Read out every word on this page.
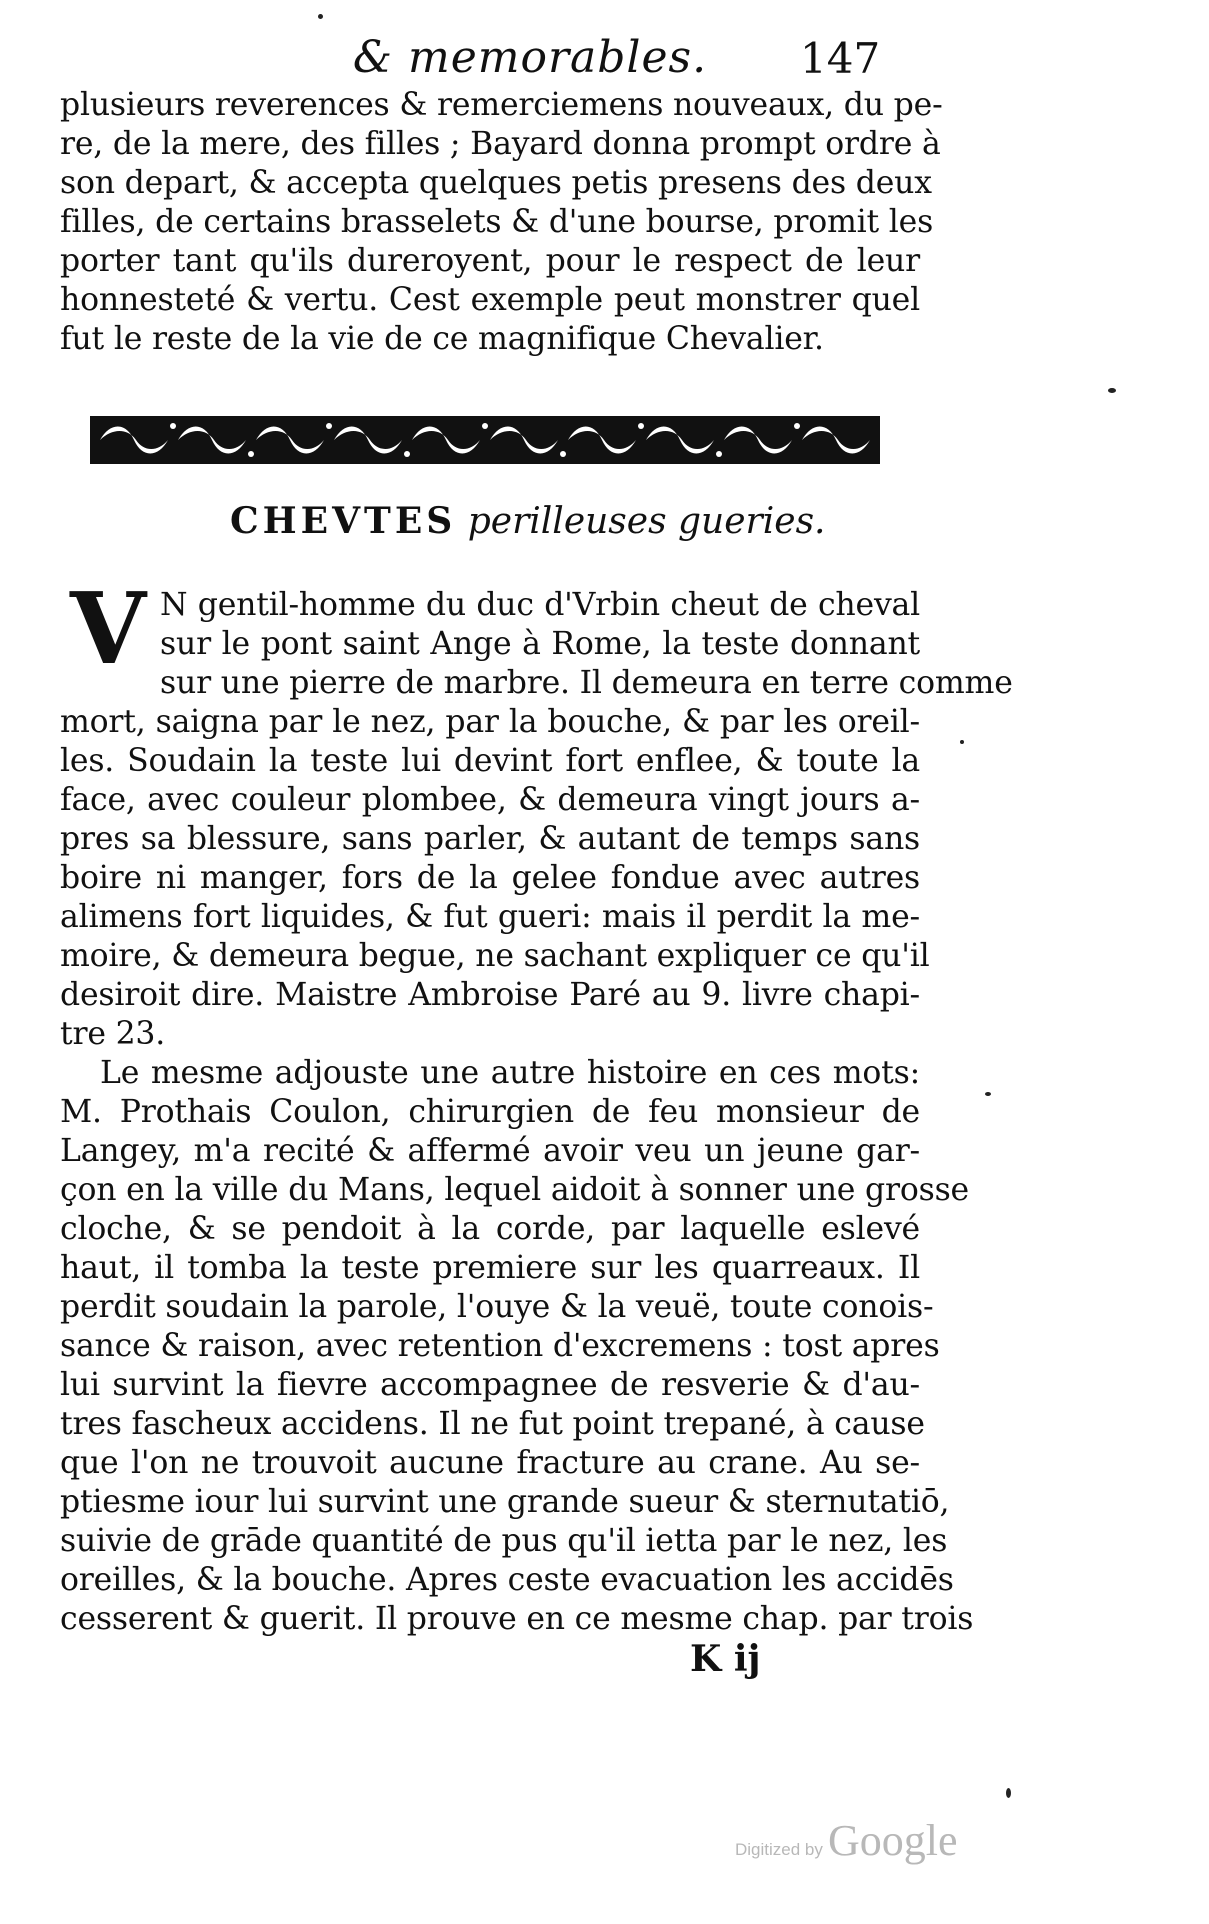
& memorables.	147
plusieurs reverences & remerciemens nouveaux, du pe-
re, de la mere, des filles ; Bayard donna prompt ordre à
son depart, & accepta quelques petis presens des deux
filles, de certains brasselets & d'une bourse, promit les
porter tant qu'ils dureroyent, pour le respect de leur
honnesteté & vertu. Cest exemple peut monstrer quel
fut le reste de la vie de ce magnifique Chevalier.
CHEVTES perilleuses gueries.
V N gentil-homme du duc d'Vrbin cheut de cheval
sur le pont saint Ange à Rome, la teste donnant
sur une pierre de marbre. Il demeura en terre comme
mort, saigna par le nez, par la bouche, & par les oreil-
les. Soudain la teste lui devint fort enflee, & toute la
face, avec couleur plombee, & demeura vingt jours a-
pres sa blessure, sans parler, & autant de temps sans
boire ni manger, fors de la gelee fondue avec autres
alimens fort liquides, & fut gueri: mais il perdit la me-
moire, & demeura begue, ne sachant expliquer ce qu'il
desiroit dire. Maistre Ambroise Paré au 9. livre chapi-
tre 23.
Le mesme adjouste une autre histoire en ces mots:
M. Prothais Coulon, chirurgien de feu monsieur de
Langey, m'a recité & affermé avoir veu un jeune gar-
çon en la ville du Mans, lequel aidoit à sonner une grosse
cloche, & se pendoit à la corde, par laquelle eslevé
haut, il tomba la teste premiere sur les quarreaux. Il
perdit soudain la parole, l'ouye & la veuë, toute conois-
sance & raison, avec retention d'excremens : tost apres
lui survint la fievre accompagnee de resverie & d'au-
tres fascheux accidens. Il ne fut point trepané, à cause
que l'on ne trouvoit aucune fracture au crane. Au se-
ptiesme iour lui survint une grande sueur & sternutatiō,
suivie de grāde quantité de pus qu'il ietta par le nez, les
oreilles, & la bouche. Apres ceste evacuation les accidēs
cesserent & guerit. Il prouve en ce mesme chap. par trois
K ij
Digitized by Google
